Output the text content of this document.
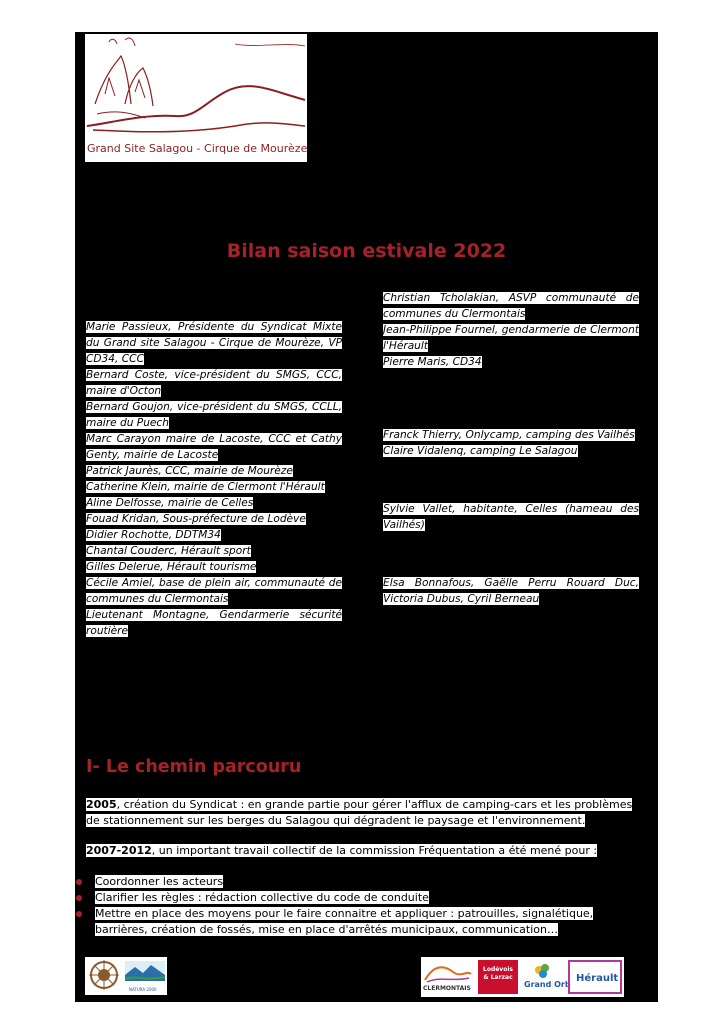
Grand Site Salagou - Cirque de Mourèze
Bilan saison estivale 2022

Marie Passieux, Présidente du Syndicat Mixte du Grand site Salagou - Cirque de Mourèze, VP CD34, CCC

Bernard Coste, vice-président du SMGS, CCC, maire d'Octon

Bernard Goujon, vice-président du SMGS, CCLL, maire du Puech

Marc Carayon maire de Lacoste, CCC et Cathy Genty, mairie de Lacoste

Patrick Jaurès, CCC, mairie de Mourèze

Catherine Klein, mairie de Clermont l'Hérault

Aline Delfosse, mairie de Celles

Fouad Kridan, Sous-préfecture de Lodève

Didier Rochotte, DDTM34

Chantal Couderc, Hérault sport

Gilles Delerue, Hérault tourisme

Cécile Amiel, base de plein air, communauté de communes du Clermontais

Lieutenant Montagne, Gendarmerie sécurité routière

Christian Tcholakian, ASVP communauté de communes du Clermontais

Jean-Philippe Fournel, gendarmerie de Clermont l'Hérault

Pierre Maris, CD34

Franck Thierry, Onlycamp, camping des Vailhés

Claire Vidalenq, camping Le Salagou

Sylvie Vallet, habitante, Celles (hameau des Vailhés)

Elsa Bonnafous, Gaëlle Perru Rouard Duc, Victoria Dubus, Cyril Berneau

I- Le chemin parcouru
2005, création du Syndicat : en grande partie pour gérer l'afflux de camping-cars et les problèmes de stationnement sur les berges du Salagou qui dégradent le paysage et l'environnement.
2007-2012, un important travail collectif de la commission Fréquentation a été mené pour :
Coordonner les acteurs
Clarifier les règles : rédaction collective du code de conduite
Mettre en place des moyens pour le faire connaitre et appliquer : patrouilles, signalétique, barrières, création de fossés, mise en place d'arrêtés municipaux, communication…
NATURA 2000	CLERMONTAIS
Lodévois & Larzac
Grand Orb
Hérault
